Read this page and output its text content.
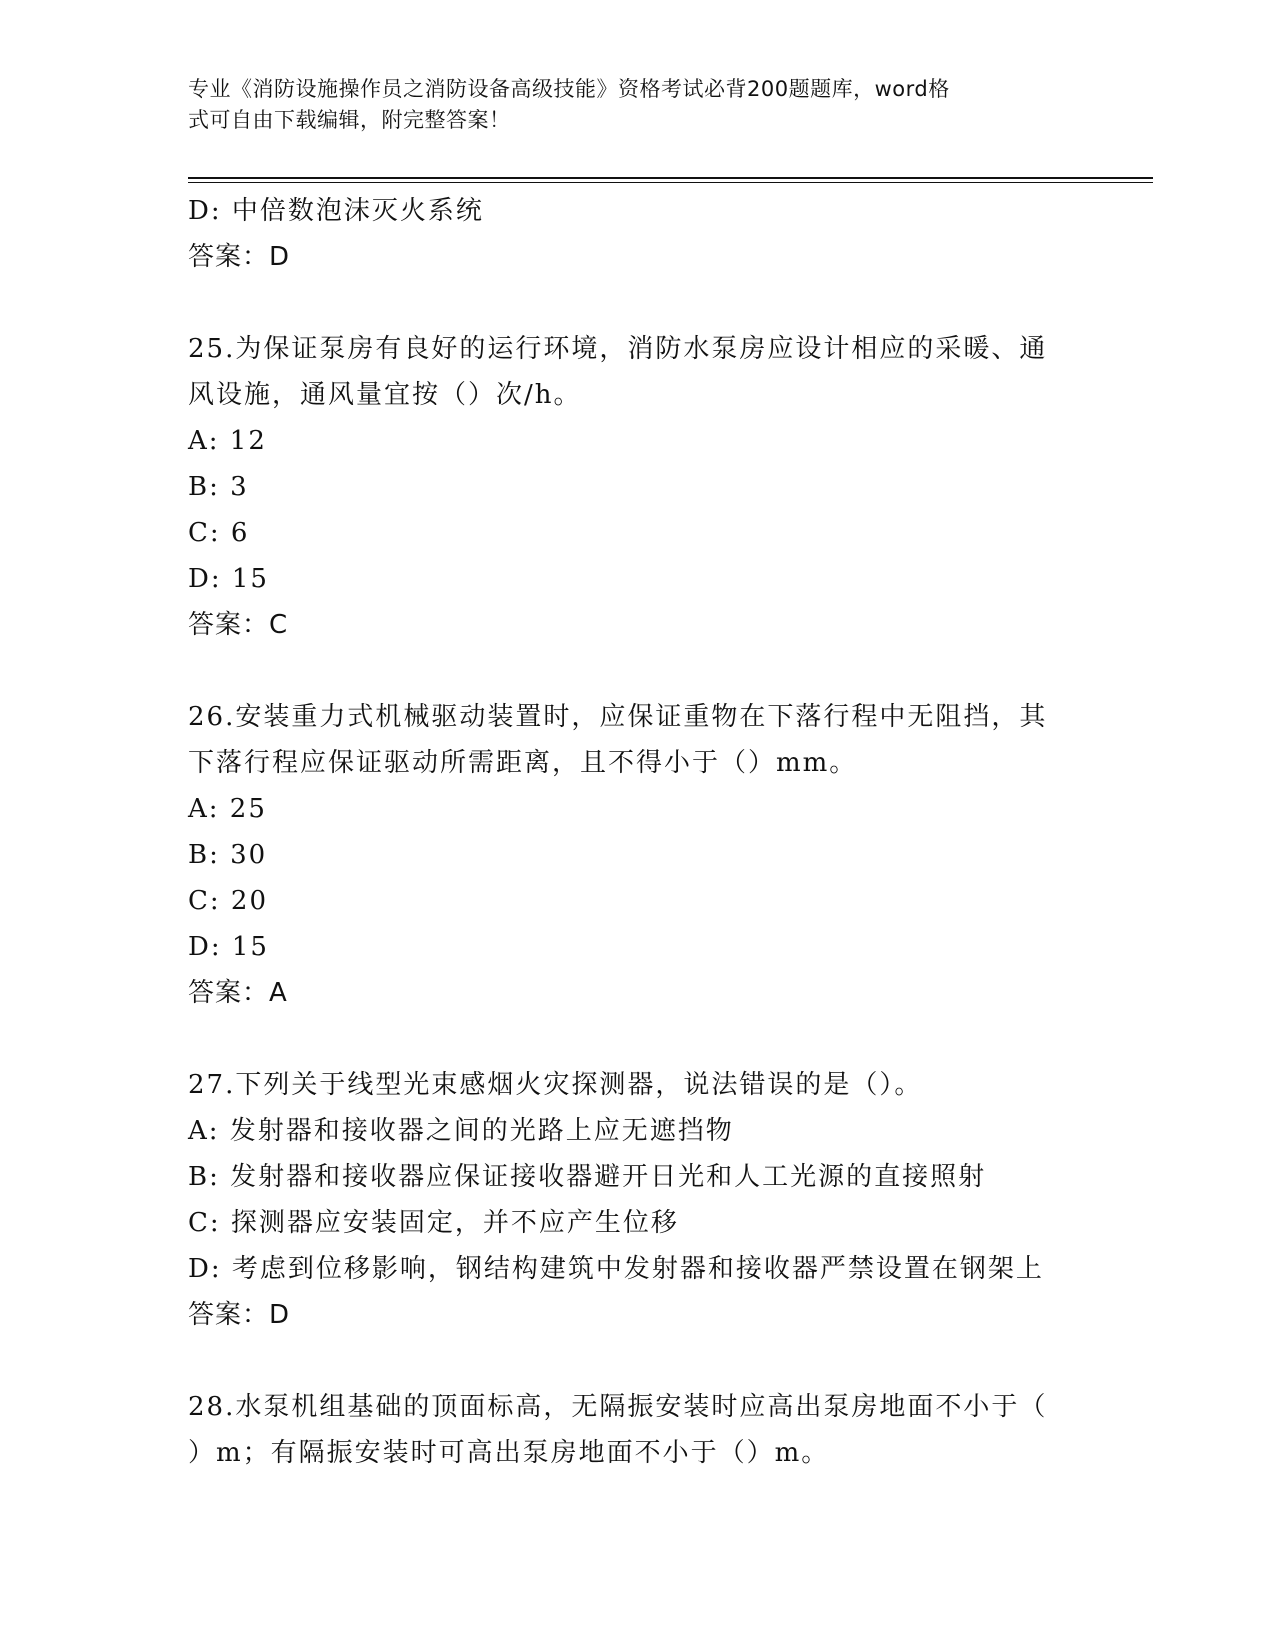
专业《消防设施操作员之消防设备高级技能》资格考试必背200题题库，word格
式可自由下载编辑，附完整答案！
D: 中倍数泡沫灭火系统
答案：D
25.为保证泵房有良好的运行环境，消防水泵房应设计相应的采暖、通
风设施，通风量宜按（）次/h。
A: 12
B: 3
C: 6
D: 15
答案：C
26.安装重力式机械驱动装置时，应保证重物在下落行程中无阻挡，其
下落行程应保证驱动所需距离，且不得小于（）mm。
A: 25
B: 30
C: 20
D: 15
答案：A
27.下列关于线型光束感烟火灾探测器，说法错误的是（）。
A: 发射器和接收器之间的光路上应无遮挡物
B: 发射器和接收器应保证接收器避开日光和人工光源的直接照射
C: 探测器应安装固定，并不应产生位移
D: 考虑到位移影响，钢结构建筑中发射器和接收器严禁设置在钢架上
答案：D
28.水泵机组基础的顶面标高，无隔振安装时应高出泵房地面不小于（
）m；有隔振安装时可高出泵房地面不小于（）m。
